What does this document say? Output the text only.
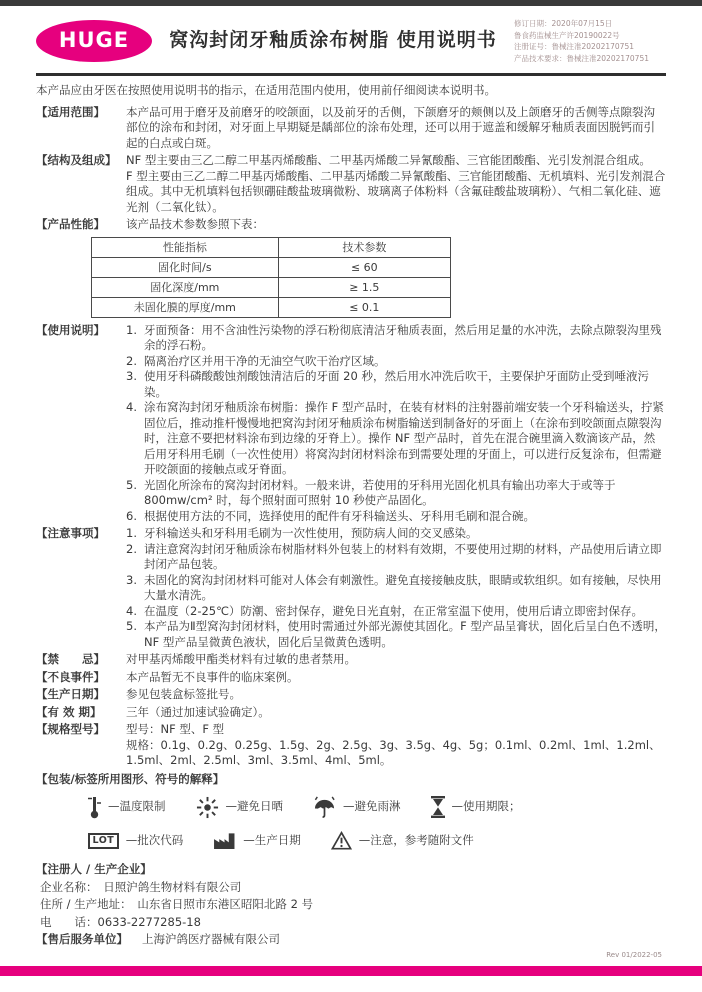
HUGE	窝沟封闭牙釉质涂布树脂 使用说明书
修订日期：2020年07月15日
鲁食药监械生产许20190022号
注册证号：鲁械注准20202170751
产品技术要求：鲁械注准20202170751

本产品应由牙医在按照使用说明书的指示，在适用范围内使用，使用前仔细阅读本说明书。

【适用范围】	本产品可用于磨牙及前磨牙的咬颌面，以及前牙的舌侧，下颌磨牙的颊侧以及上颌磨牙的舌侧等点隙裂沟部位的涂布和封闭，对牙面上早期疑是龋部位的涂布处理，还可以用于遮盖和缓解牙釉质表面因脱钙而引起的白点或白斑。

【结构及组成】 NF 型主要由三乙二醇二甲基丙烯酸酯、二甲基丙烯酸二异氰酸酯、三官能团酸酯、光引发剂混合组成。

F 型主要由三乙二醇二甲基丙烯酸酯、二甲基丙烯酸二异氰酸酯、三官能团酸酯、无机填料、光引发剂混合组成。其中无机填料包括钡硼硅酸盐玻璃微粉、玻璃离子体粉料（含氟硅酸盐玻璃粉）、气相二氧化硅、遮光剂（二氧化钛）。

【产品性能】	该产品技术参数参照下表：

性能指标	技术参数
固化时间/s	≤ 60
固化深度/mm	≥ 1.5
未固化膜的厚度/mm	≤ 0.1
【使用说明】	1. 牙面预备：用不含油性污染物的浮石粉彻底清洁牙釉质表面，然后用足量的水冲洗，去除点隙裂沟里残余的浮石粉。
2. 隔离治疗区并用干净的无油空气吹干治疗区域。
3. 使用牙科磷酸酸蚀剂酸蚀清洁后的牙面 20 秒，然后用水冲洗后吹干，主要保护牙面防止受到唾液污染。
4. 涂布窝沟封闭牙釉质涂布树脂：操作 F 型产品时，在装有材料的注射器前端安装一个牙科输送头，拧紧固位后，推动推杆慢慢地把窝沟封闭牙釉质涂布树脂输送到制备好的牙面上（在涂布到咬颌面点隙裂沟时，注意不要把材料涂布到边缘的牙脊上）。操作 NF 型产品时，首先在混合碗里滴入数滴该产品，然后用牙科用毛刷（一次性使用）将窝沟封闭材料涂布到需要处理的牙面上，可以进行反复涂布，但需避开咬颌面的接触点或牙脊面。
5. 光固化所涂布的窝沟封闭材料。一般来讲，若使用的牙科用光固化机具有输出功率大于或等于 800mw/cm² 时，每个照射面可照射 10 秒使产品固化。
6. 根据使用方法的不同，选择使用的配件有牙科输送头、牙科用毛刷和混合碗。
【注意事项】	1. 牙科输送头和牙科用毛刷为一次性使用，预防病人间的交叉感染。
2. 请注意窝沟封闭牙釉质涂布树脂材料外包装上的材料有效期，不要使用过期的材料，产品使用后请立即封闭产品包装。
3. 未固化的窝沟封闭材料可能对人体会有刺激性。避免直接接触皮肤，眼睛或软组织。如有接触，尽快用大量水清洗。
4. 在温度（2-25℃）防潮、密封保存，避免日光直射，在正常室温下使用，使用后请立即密封保存。
5. 本产品为Ⅱ型窝沟封闭材料，使用时需通过外部光源使其固化。F 型产品呈膏状，固化后呈白色不透明，NF 型产品呈微黄色液状，固化后呈微黄色透明。
【禁　　忌】	对甲基丙烯酸甲酯类材料有过敏的患者禁用。

【不良事件】	本产品暂无不良事件的临床案例。

【生产日期】	参见包装盒标签批号。

【有 效 期】	三年（通过加速试验确定）。

【规格型号】	型号：NF 型、F 型

规格：0.1g、0.2g、0.25g、1.5g、2g、2.5g、3g、3.5g、4g、5g；0.1ml、0.2ml、1ml、1.2ml、1.5ml、2ml、2.5ml、3ml、3.5ml、4ml、5ml。

【包装/标签所用图形、符号的解释】
—温度限制	—避免日晒	—避免雨淋	—使用期限；
LOT	—批次代码	—生产日期	—注意，参考随附文件
【注册人 / 生产企业】

企业名称：　日照沪鸽生物材料有限公司

住所 / 生产地址：　山东省日照市东港区昭阳北路 2 号

电　　话：0633-2277285-18

【售后服务单位】 上海沪鸽医疗器械有限公司
Rev 01/2022-05
